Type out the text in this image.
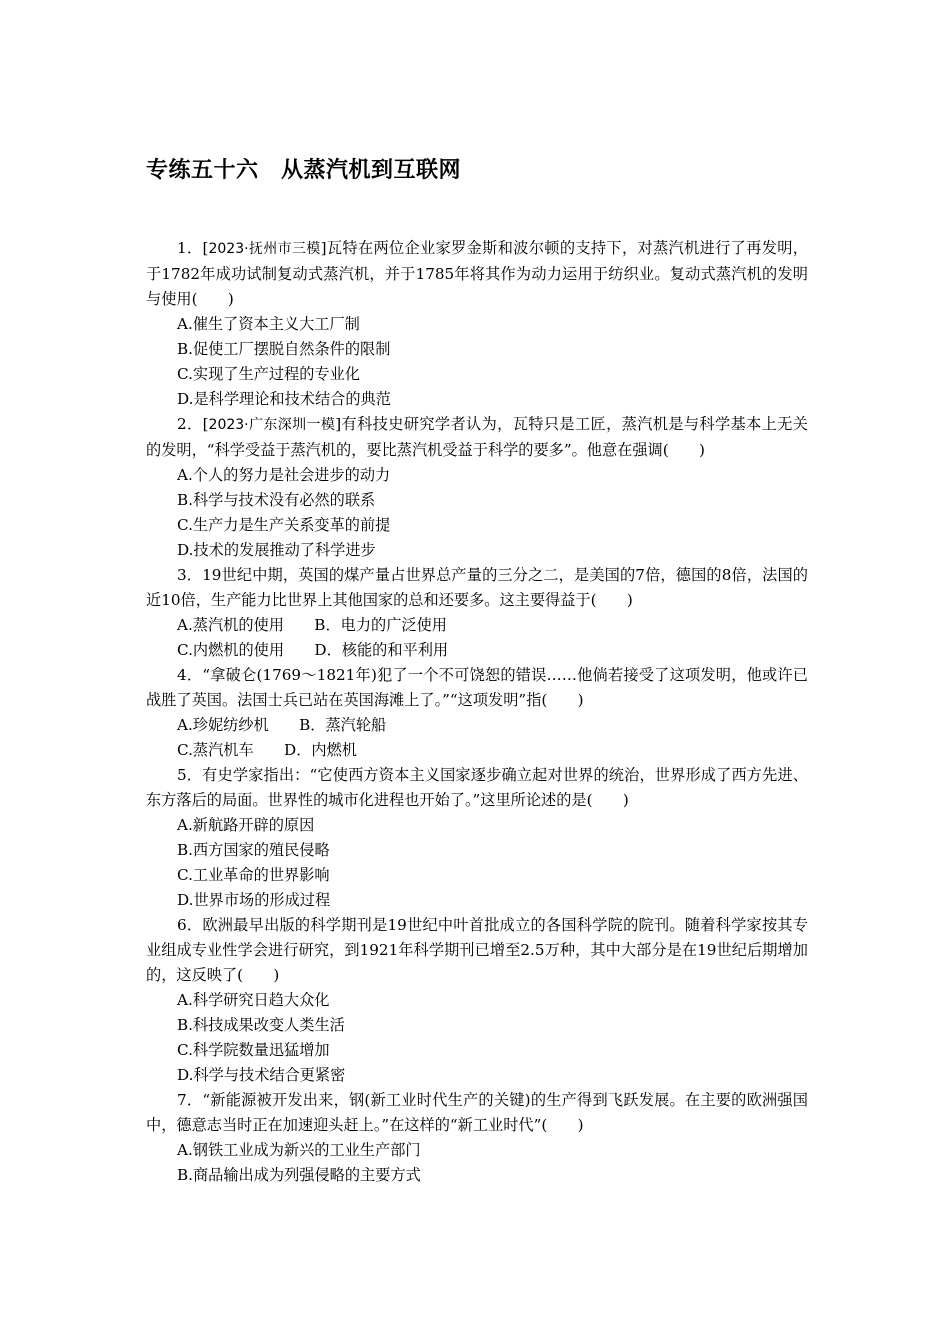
专练五十六　从蒸汽机到互联网
1．[2023·抚州市三模]瓦特在两位企业家罗金斯和波尔顿的支持下，对蒸汽机进行了再发明，于1782年成功试制复动式蒸汽机，并于1785年将其作为动力运用于纺织业。复动式蒸汽机的发明与使用(　　)
A.催生了资本主义大工厂制
B.促使工厂摆脱自然条件的限制
C.实现了生产过程的专业化
D.是科学理论和技术结合的典范
2．[2023·广东深圳一模]有科技史研究学者认为，瓦特只是工匠，蒸汽机是与科学基本上无关的发明，“科学受益于蒸汽机的，要比蒸汽机受益于科学的要多”。他意在强调(　　)
A.个人的努力是社会进步的动力
B.科学与技术没有必然的联系
C.生产力是生产关系变革的前提
D.技术的发展推动了科学进步
3．19世纪中期，英国的煤产量占世界总产量的三分之二，是美国的7倍，德国的8倍，法国的近10倍，生产能力比世界上其他国家的总和还要多。这主要得益于(　　)
A.蒸汽机的使用　　B．电力的广泛使用
C.内燃机的使用　　D．核能的和平利用
4．“拿破仑(1769～1821年)犯了一个不可饶恕的错误……他倘若接受了这项发明，他或许已战胜了英国。法国士兵已站在英国海滩上了。”“这项发明”指(　　)
A.珍妮纺纱机　　B．蒸汽轮船
C.蒸汽机车　　D．内燃机
5．有史学家指出：“它使西方资本主义国家逐步确立起对世界的统治，世界形成了西方先进、东方落后的局面。世界性的城市化进程也开始了。”这里所论述的是(　　)
A.新航路开辟的原因
B.西方国家的殖民侵略
C.工业革命的世界影响
D.世界市场的形成过程
6．欧洲最早出版的科学期刊是19世纪中叶首批成立的各国科学院的院刊。随着科学家按其专业组成专业性学会进行研究，到1921年科学期刊已增至2.5万种，其中大部分是在19世纪后期增加的，这反映了(　　)
A.科学研究日趋大众化
B.科技成果改变人类生活
C.科学院数量迅猛增加
D.科学与技术结合更紧密
7．“新能源被开发出来，钢(新工业时代生产的关键)的生产得到飞跃发展。在主要的欧洲强国中，德意志当时正在加速迎头赶上。”在这样的“新工业时代”(　　)
A.钢铁工业成为新兴的工业生产部门
B.商品输出成为列强侵略的主要方式
